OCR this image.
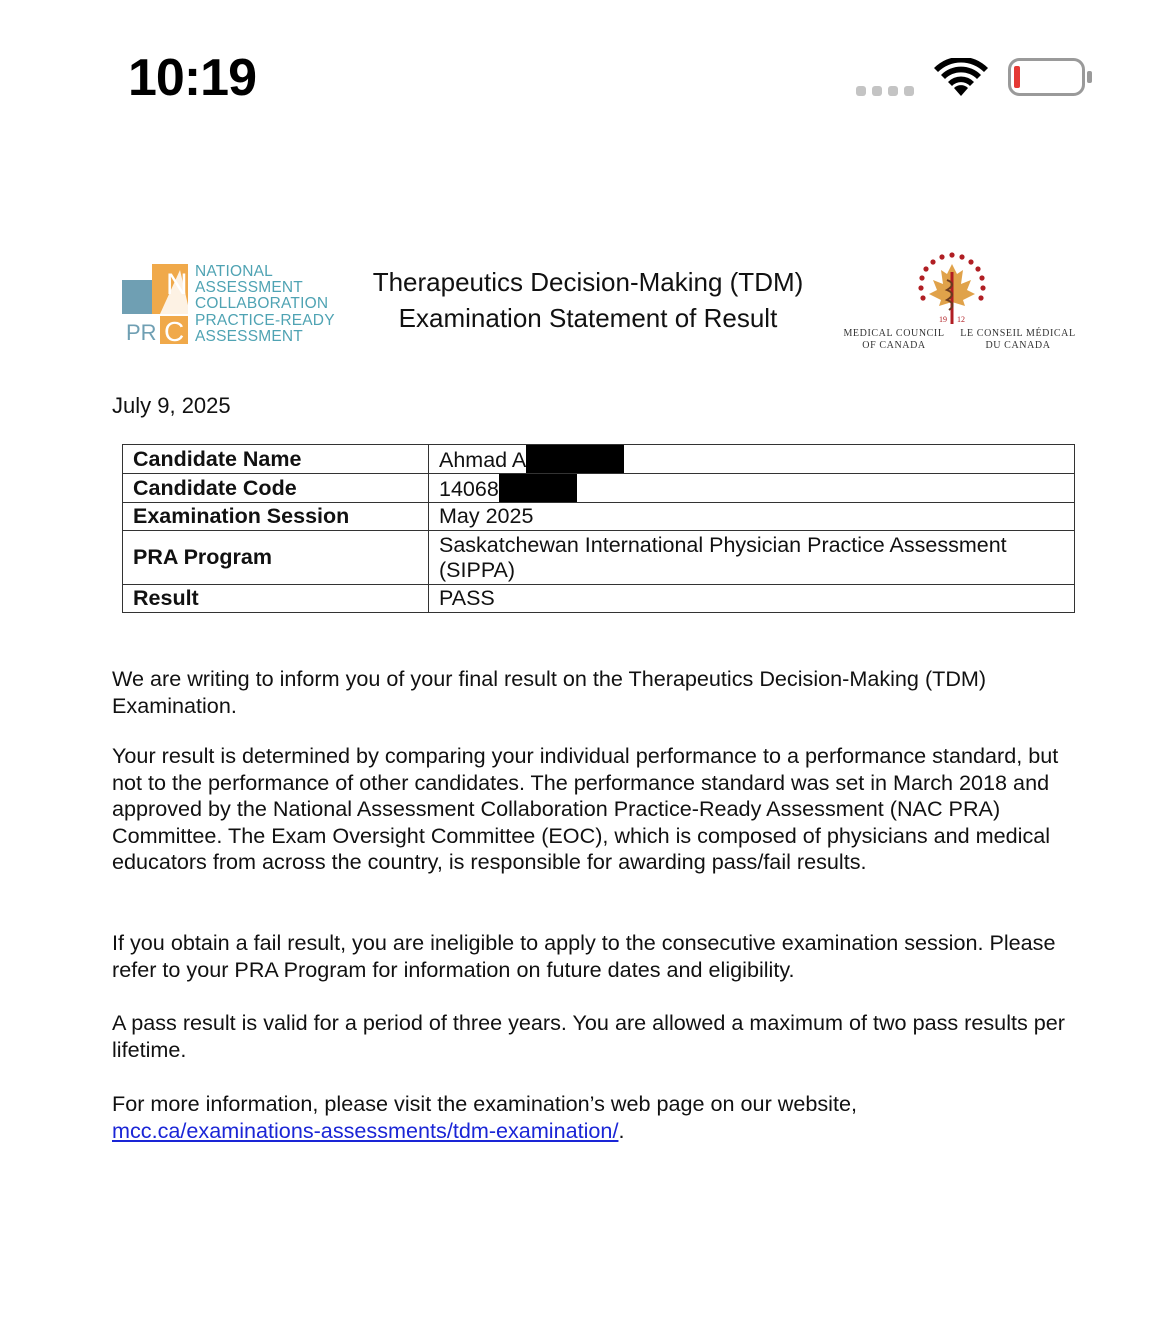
10:19
N
PR C
NATIONAL
ASSESSMENT
COLLABORATION
PRACTICE-READY
ASSESSMENT
Therapeutics Decision-Making (TDM)
Examination Statement of Result	19 12
MEDICAL COUNCIL
OF CANADA
LE CONSEIL MÉDICAL
DU CANADA
July 9, 2025
Candidate Name	Ahmad A
Candidate Code	14068
Examination Session	May 2025
PRA Program	Saskatchewan International Physician Practice Assessment (SIPPA)
Result	PASS

We are writing to inform you of your final result on the Therapeutics Decision-Making (TDM) Examination.

Your result is determined by comparing your individual performance to a performance standard, but not to the performance of other candidates. The performance standard was set in March 2018 and approved by the National Assessment Collaboration Practice-Ready Assessment (NAC PRA) Committee. The Exam Oversight Committee (EOC), which is composed of physicians and medical educators from across the country, is responsible for awarding pass/fail results.

If you obtain a fail result, you are ineligible to apply to the consecutive examination session. Please refer to your PRA Program for information on future dates and eligibility.

A pass result is valid for a period of three years. You are allowed a maximum of two pass results per lifetime.

For more information, please visit the examination’s web page on our website,
mcc.ca/examinations-assessments/tdm-examination/.
